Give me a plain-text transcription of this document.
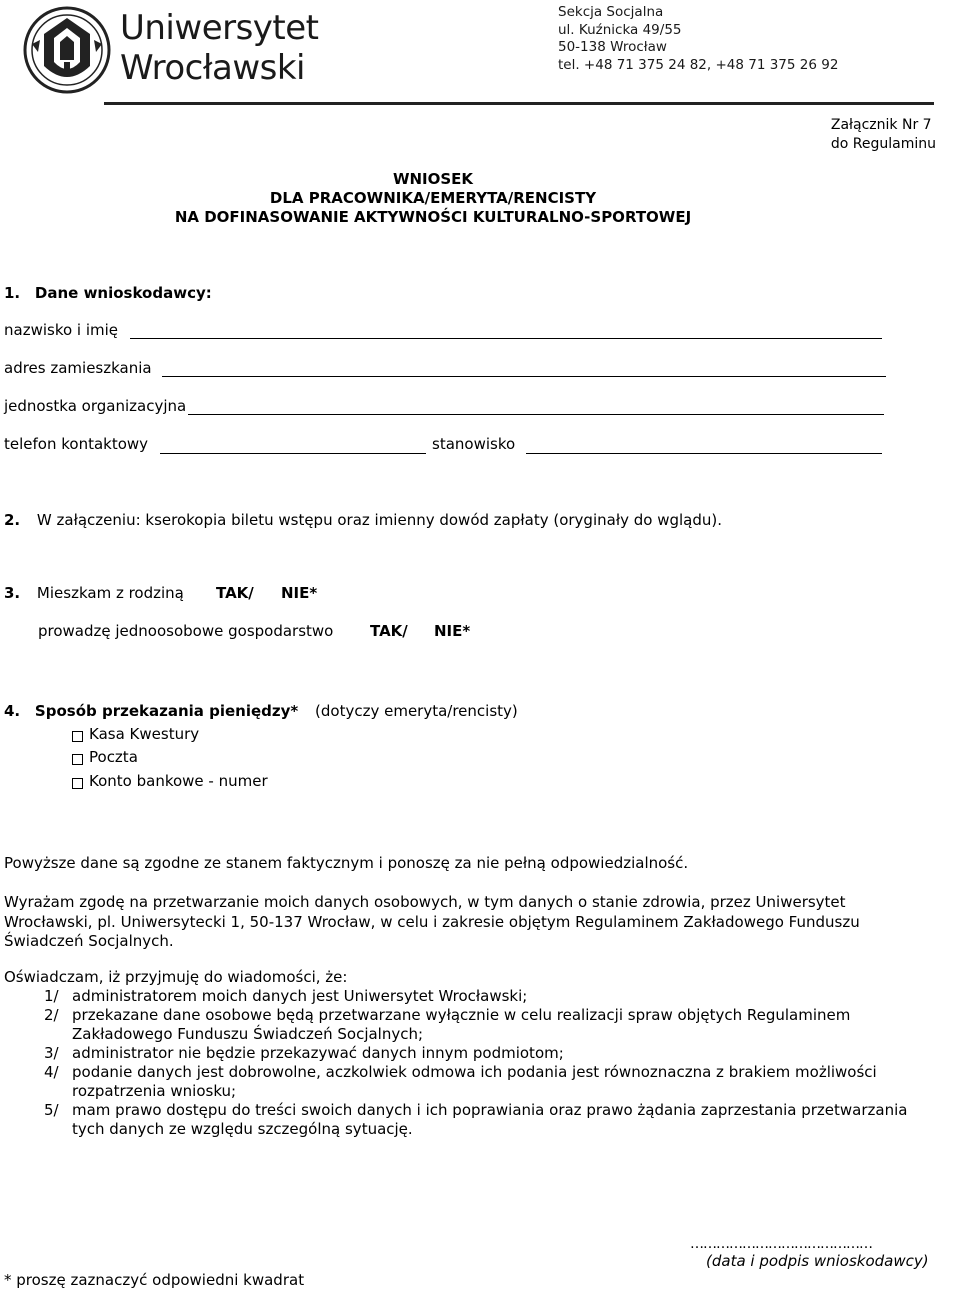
Uniwersytet
Wrocławski
Sekcja Socjalna
ul. Kuźnicka 49/55
50-138 Wrocław
tel. +48 71 375 24 82, +48 71 375 26 92
Załącznik Nr 7
do Regulaminu
WNIOSEK
DLA PRACOWNIKA/EMERYTA/RENCISTY
NA DOFINASOWANIE AKTYWNOŚCI KULTURALNO-SPORTOWEJ
1. Dane wnioskodawcy:
nazwisko i imię
adres zamieszkania
jednostka organizacyjna
telefon kontaktowy	stanowisko
2. W załączeniu: kserokopia biletu wstępu oraz imienny dowód zapłaty (oryginały do wglądu).
3. Mieszkam z rodziną TAK/ NIE*
prowadzę jednoosobowe gospodarstwo TAK/ NIE*
4. Sposób przekazania pieniędzy* (dotyczy emeryta/rencisty)
Kasa Kwestury
Poczta
Konto bankowe - numer
Powyższe dane są zgodne ze stanem faktycznym i ponoszę za nie pełną odpowiedzialność.
Wyrażam zgodę na przetwarzanie moich danych osobowych, w tym danych o stanie zdrowia, przez Uniwersytet
Wrocławski, pl. Uniwersytecki 1, 50-137 Wrocław, w celu i zakresie objętym Regulaminem Zakładowego Funduszu
Świadczeń Socjalnych.
Oświadczam, iż przyjmuję do wiadomości, że:
1/ administratorem moich danych jest Uniwersytet Wrocławski;
2/ przekazane dane osobowe będą przetwarzane wyłącznie w celu realizacji spraw objętych Regulaminem
Zakładowego Funduszu Świadczeń Socjalnych;
3/ administrator nie będzie przekazywać danych innym podmiotom;
4/ podanie danych jest dobrowolne, aczkolwiek odmowa ich podania jest równoznaczna z brakiem możliwości
rozpatrzenia wniosku;
5/ mam prawo dostępu do treści swoich danych i ich poprawiania oraz prawo żądania zaprzestania przetwarzania
tych danych ze względu szczególną sytuację.
……………………………………
(data i podpis wnioskodawcy)
* proszę zaznaczyć odpowiedni kwadrat
